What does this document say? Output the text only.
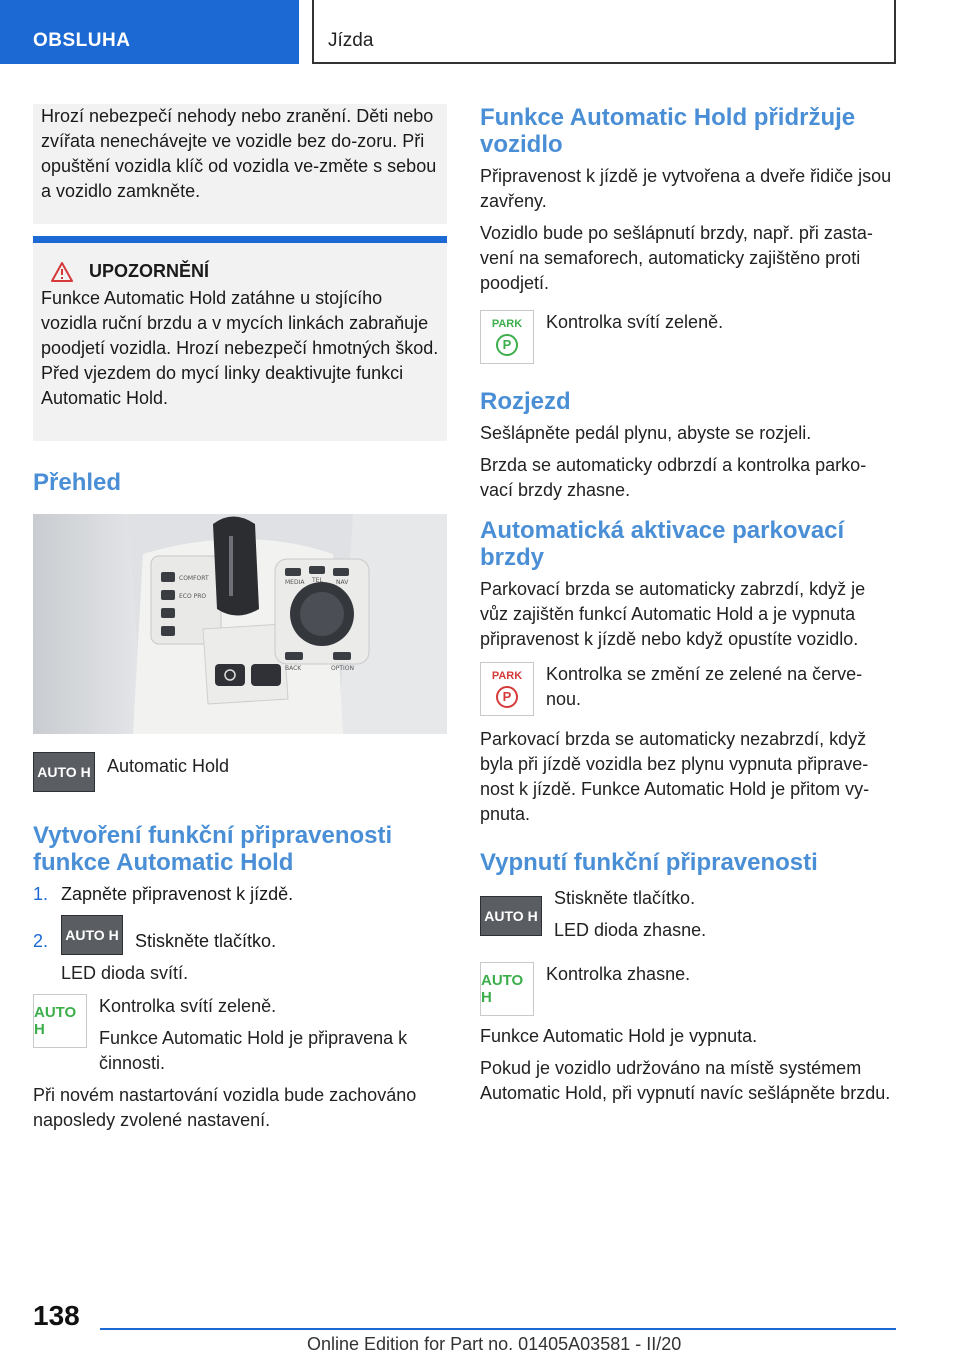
OBSLUHA	Jízda

Hrozí nebezpečí nehody nebo zranění. Děti nebo zvířata nenechávejte ve vozidle bez do-zoru. Při opuštění vozidla klíč od vozidla ve-změte s sebou a vozidlo zamkněte.

UPOZORNĚNÍ

Funkce Automatic Hold zatáhne u stojícího vozidla ruční brzdu a v mycích linkách zabraňuje poodjetí vozidla. Hrozí nebezpečí hmotných škod. Před vjezdem do mycí linky deaktivujte funkci Automatic Hold.

Přehled
COMFORT
ECO PRO
MEDIA TEL NAV
BACK	OPTION
AUTO H Automatic Hold

Vytvoření funkční připravenosti funkce Automatic Hold
1. Zapněte připravenost k jízdě.
2.	AUTO H Stiskněte tlačítko.

LED dioda svítí.

AUTO H

Kontrolka svítí zeleně.

Funkce Automatic Hold je připravena k činnosti.

Při novém nastartování vozidla bude zachováno naposledy zvolené nastavení.

Funkce Automatic Hold přidržuje vozidlo

Připravenost k jízdě je vytvořena a dveře řidiče jsou zavřeny.

Vozidlo bude po sešlápnutí brzdy, např. při zasta-vení na semaforech, automaticky zajištěno proti poodjetí.

PARK
P

Kontrolka svítí zeleně.

Rozjezd

Sešlápněte pedál plynu, abyste se rozjeli.

Brzda se automaticky odbrzdí a kontrolka parko-vací brzdy zhasne.

Automatická aktivace parkovací brzdy

Parkovací brzda se automaticky zabrzdí, když je vůz zajištěn funkcí Automatic Hold a je vypnuta připravenost k jízdě nebo když opustíte vozidlo.

PARK
P

Kontrolka se změní ze zelené na červe-nou.

Parkovací brzda se automaticky nezabrzdí, když byla při jízdě vozidla bez plynu vypnuta připrave-nost k jízdě. Funkce Automatic Hold je přitom vy-pnuta.

Vypnutí funkční připravenosti
AUTO H

Stiskněte tlačítko.

LED dioda zhasne.

AUTO H

Kontrolka zhasne.

Funkce Automatic Hold je vypnuta.

Pokud je vozidlo udržováno na místě systémem Automatic Hold, při vypnutí navíc sešlápněte brzdu.

138
Online Edition for Part no. 01405A03581 - II/20
